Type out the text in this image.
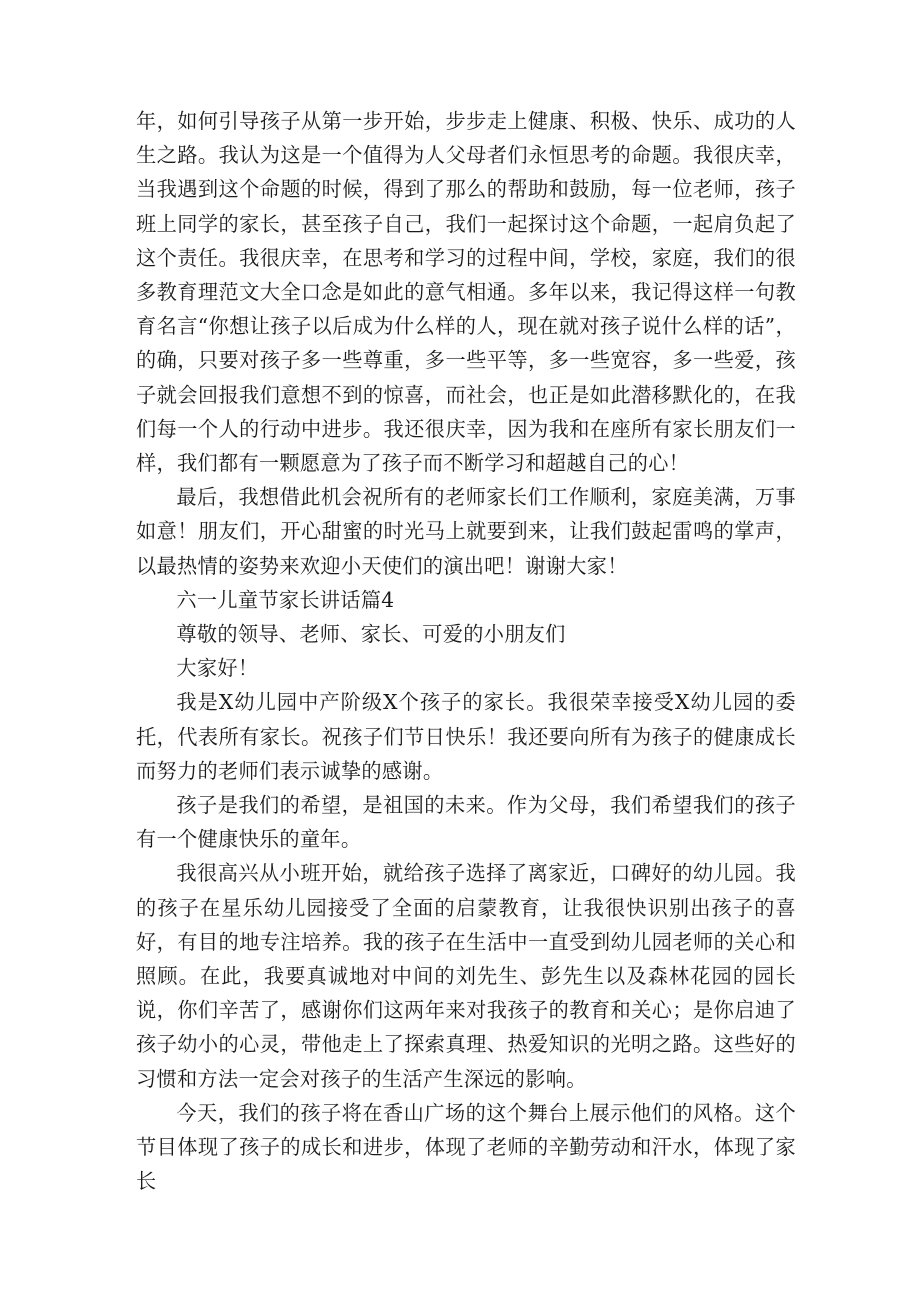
年，如何引导孩子从第一步开始，步步走上健康、积极、快乐、成功的人生之路。我认为这是一个值得为人父母者们永恒思考的命题。我很庆幸，当我遇到这个命题的时候，得到了那么的帮助和鼓励，每一位老师，孩子班上同学的家长，甚至孩子自己，我们一起探讨这个命题，一起肩负起了这个责任。我很庆幸，在思考和学习的过程中间，学校，家庭，我们的很多教育理范文大全口念是如此的意气相通。多年以来，我记得这样一句教育名言“你想让孩子以后成为什么样的人，现在就对孩子说什么样的话”，的确，只要对孩子多一些尊重，多一些平等，多一些宽容，多一些爱，孩子就会回报我们意想不到的惊喜，而社会，也正是如此潜移默化的，在我们每一个人的行动中进步。我还很庆幸，因为我和在座所有家长朋友们一样，我们都有一颗愿意为了孩子而不断学习和超越自己的心！

最后，我想借此机会祝所有的老师家长们工作顺利，家庭美满，万事如意！朋友们，开心甜蜜的时光马上就要到来，让我们鼓起雷鸣的掌声，以最热情的姿势来欢迎小天使们的演出吧！谢谢大家！

六一儿童节家长讲话篇4

尊敬的领导、老师、家长、可爱的小朋友们

大家好！

我是X幼儿园中产阶级X个孩子的家长。我很荣幸接受X幼儿园的委托，代表所有家长。祝孩子们节日快乐！我还要向所有为孩子的健康成长而努力的老师们表示诚挚的感谢。

孩子是我们的希望，是祖国的未来。作为父母，我们希望我们的孩子有一个健康快乐的童年。

我很高兴从小班开始，就给孩子选择了离家近，口碑好的幼儿园。我的孩子在星乐幼儿园接受了全面的启蒙教育，让我很快识别出孩子的喜好，有目的地专注培养。我的孩子在生活中一直受到幼儿园老师的关心和照顾。在此，我要真诚地对中间的刘先生、彭先生以及森林花园的园长说，你们辛苦了，感谢你们这两年来对我孩子的教育和关心；是你启迪了孩子幼小的心灵，带他走上了探索真理、热爱知识的光明之路。这些好的习惯和方法一定会对孩子的生活产生深远的影响。

今天，我们的孩子将在香山广场的这个舞台上展示他们的风格。这个节目体现了孩子的成长和进步，体现了老师的辛勤劳动和汗水，体现了家长
